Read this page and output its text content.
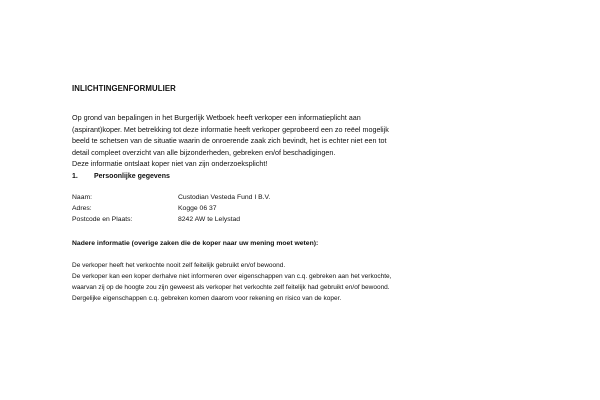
INLICHTINGENFORMULIER
Op grond van bepalingen in het Burgerlijk Wetboek heeft verkoper een informatieplicht aan
(aspirant)koper. Met betrekking tot deze informatie heeft verkoper geprobeerd een zo reëel mogelijk
beeld te schetsen van de situatie waarin de onroerende zaak zich bevindt, het is echter niet een tot
detail compleet overzicht van alle bijzonderheden, gebreken en/of beschadigingen.
Deze informatie ontslaat koper niet van zijn onderzoeksplicht!
1. Persoonlijke gegevens
Naam:	Custodian Vesteda Fund I B.V.
Adres:	Kogge 06 37
Postcode en Plaats:	8242 AW te Lelystad
Nadere informatie (overige zaken die de koper naar uw mening moet weten):
De verkoper heeft het verkochte nooit zelf feitelijk gebruikt en/of bewoond.
De verkoper kan een koper derhalve niet informeren over eigenschappen van c.q. gebreken aan het verkochte,
waarvan zij op de hoogte zou zijn geweest als verkoper het verkochte zelf feitelijk had gebruikt en/of bewoond.
Dergelijke eigenschappen c.q. gebreken komen daarom voor rekening en risico van de koper.
